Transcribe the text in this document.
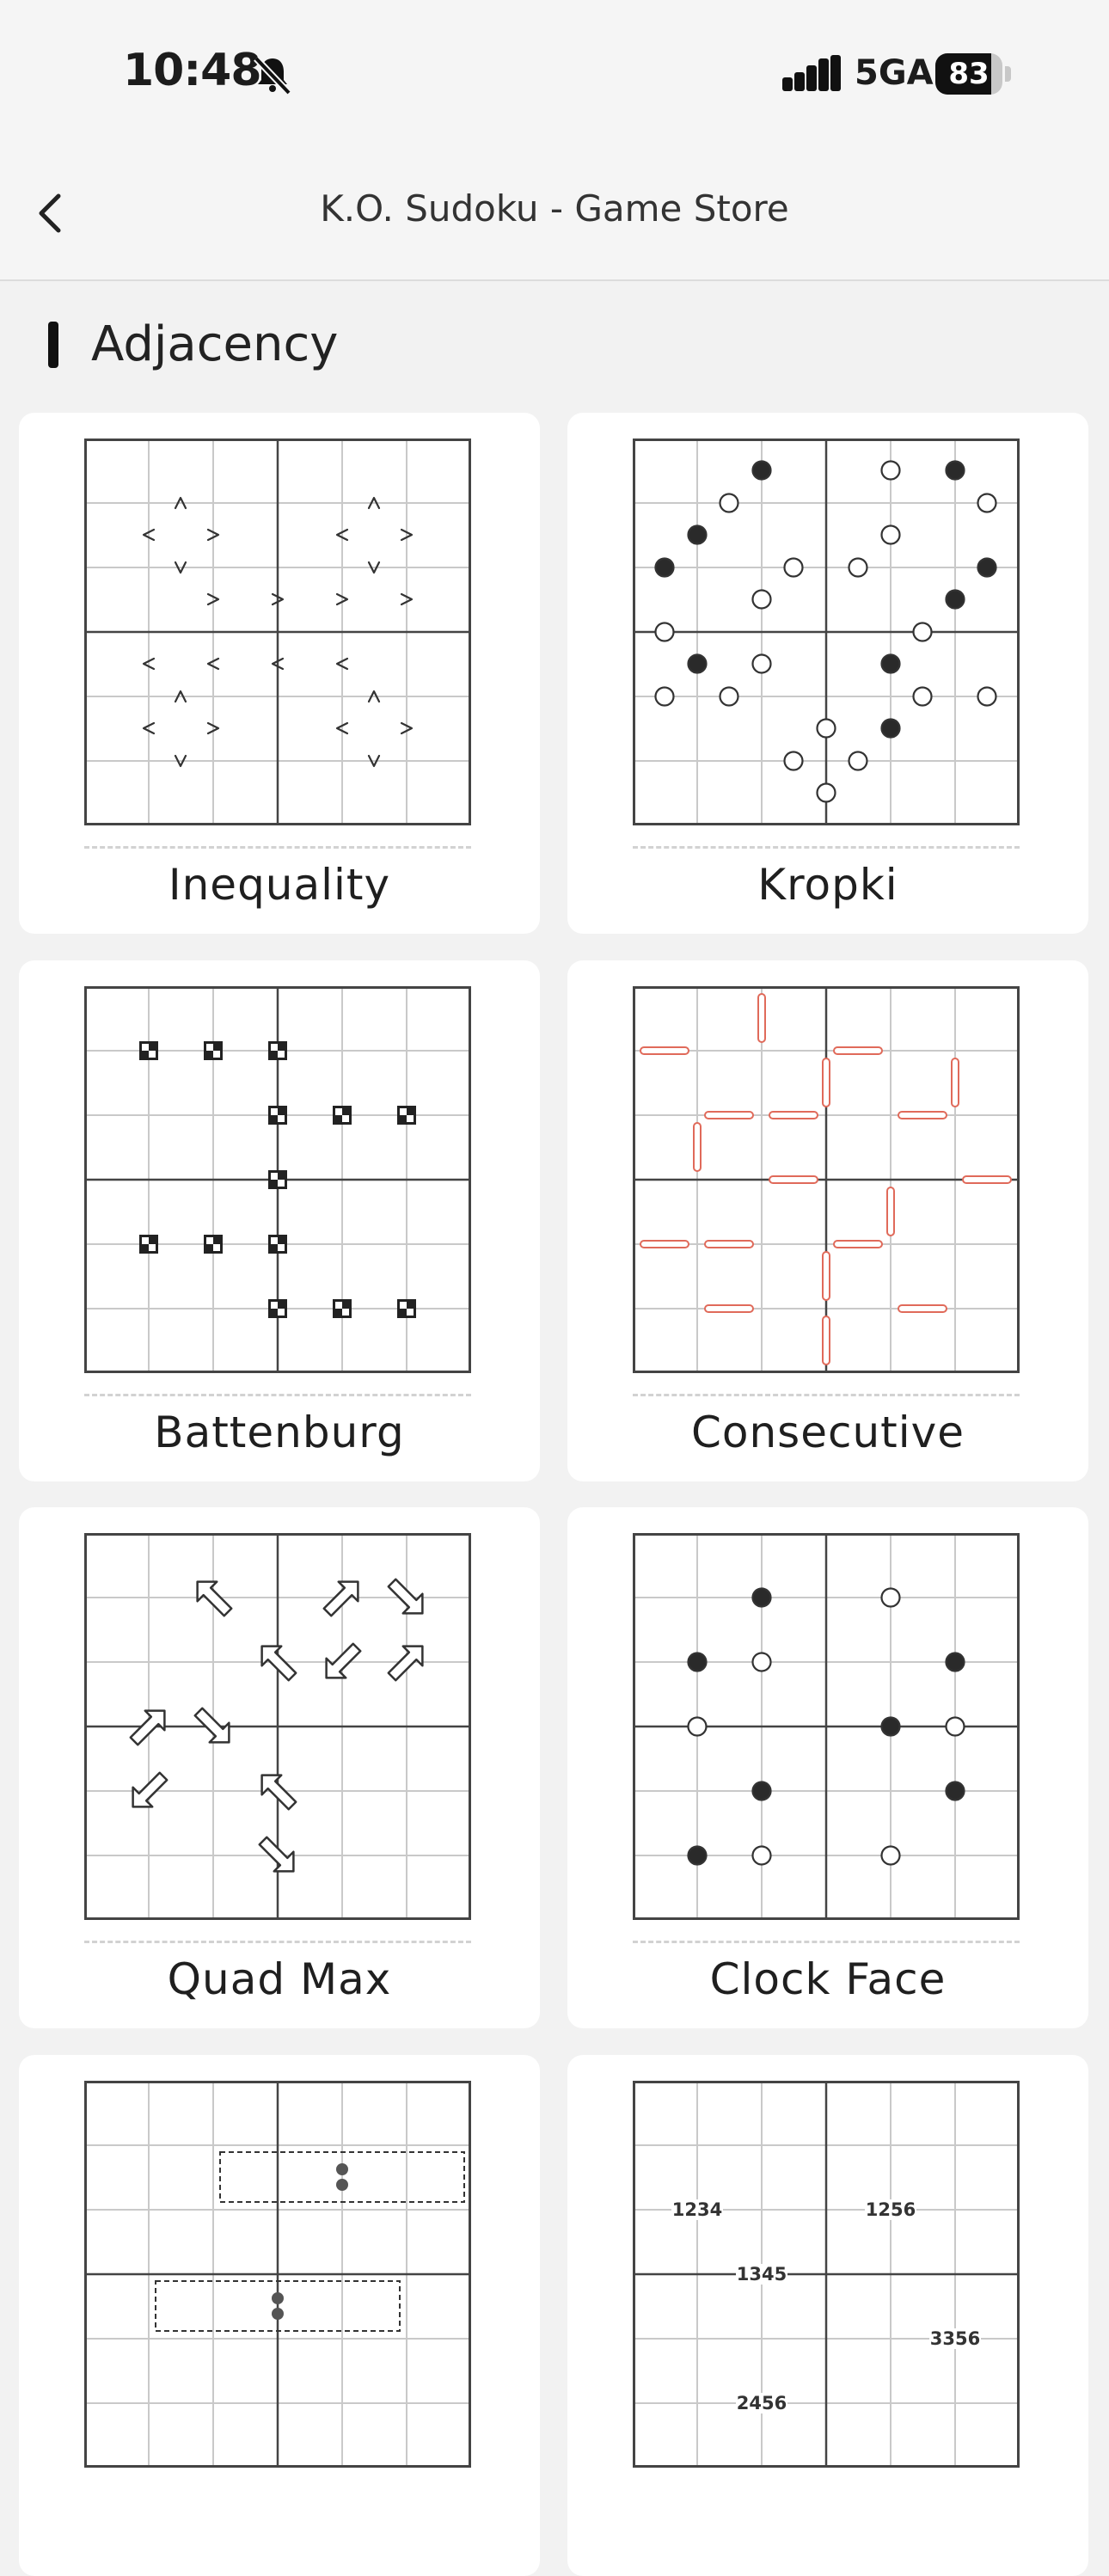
10:48	5GA 83
K.O. Sudoku - Game Store
Adjacency
Inequality	Kropki
Battenburg	Consecutive
Quad Max	Clock Face
1234	1256
1345
3356
2456
